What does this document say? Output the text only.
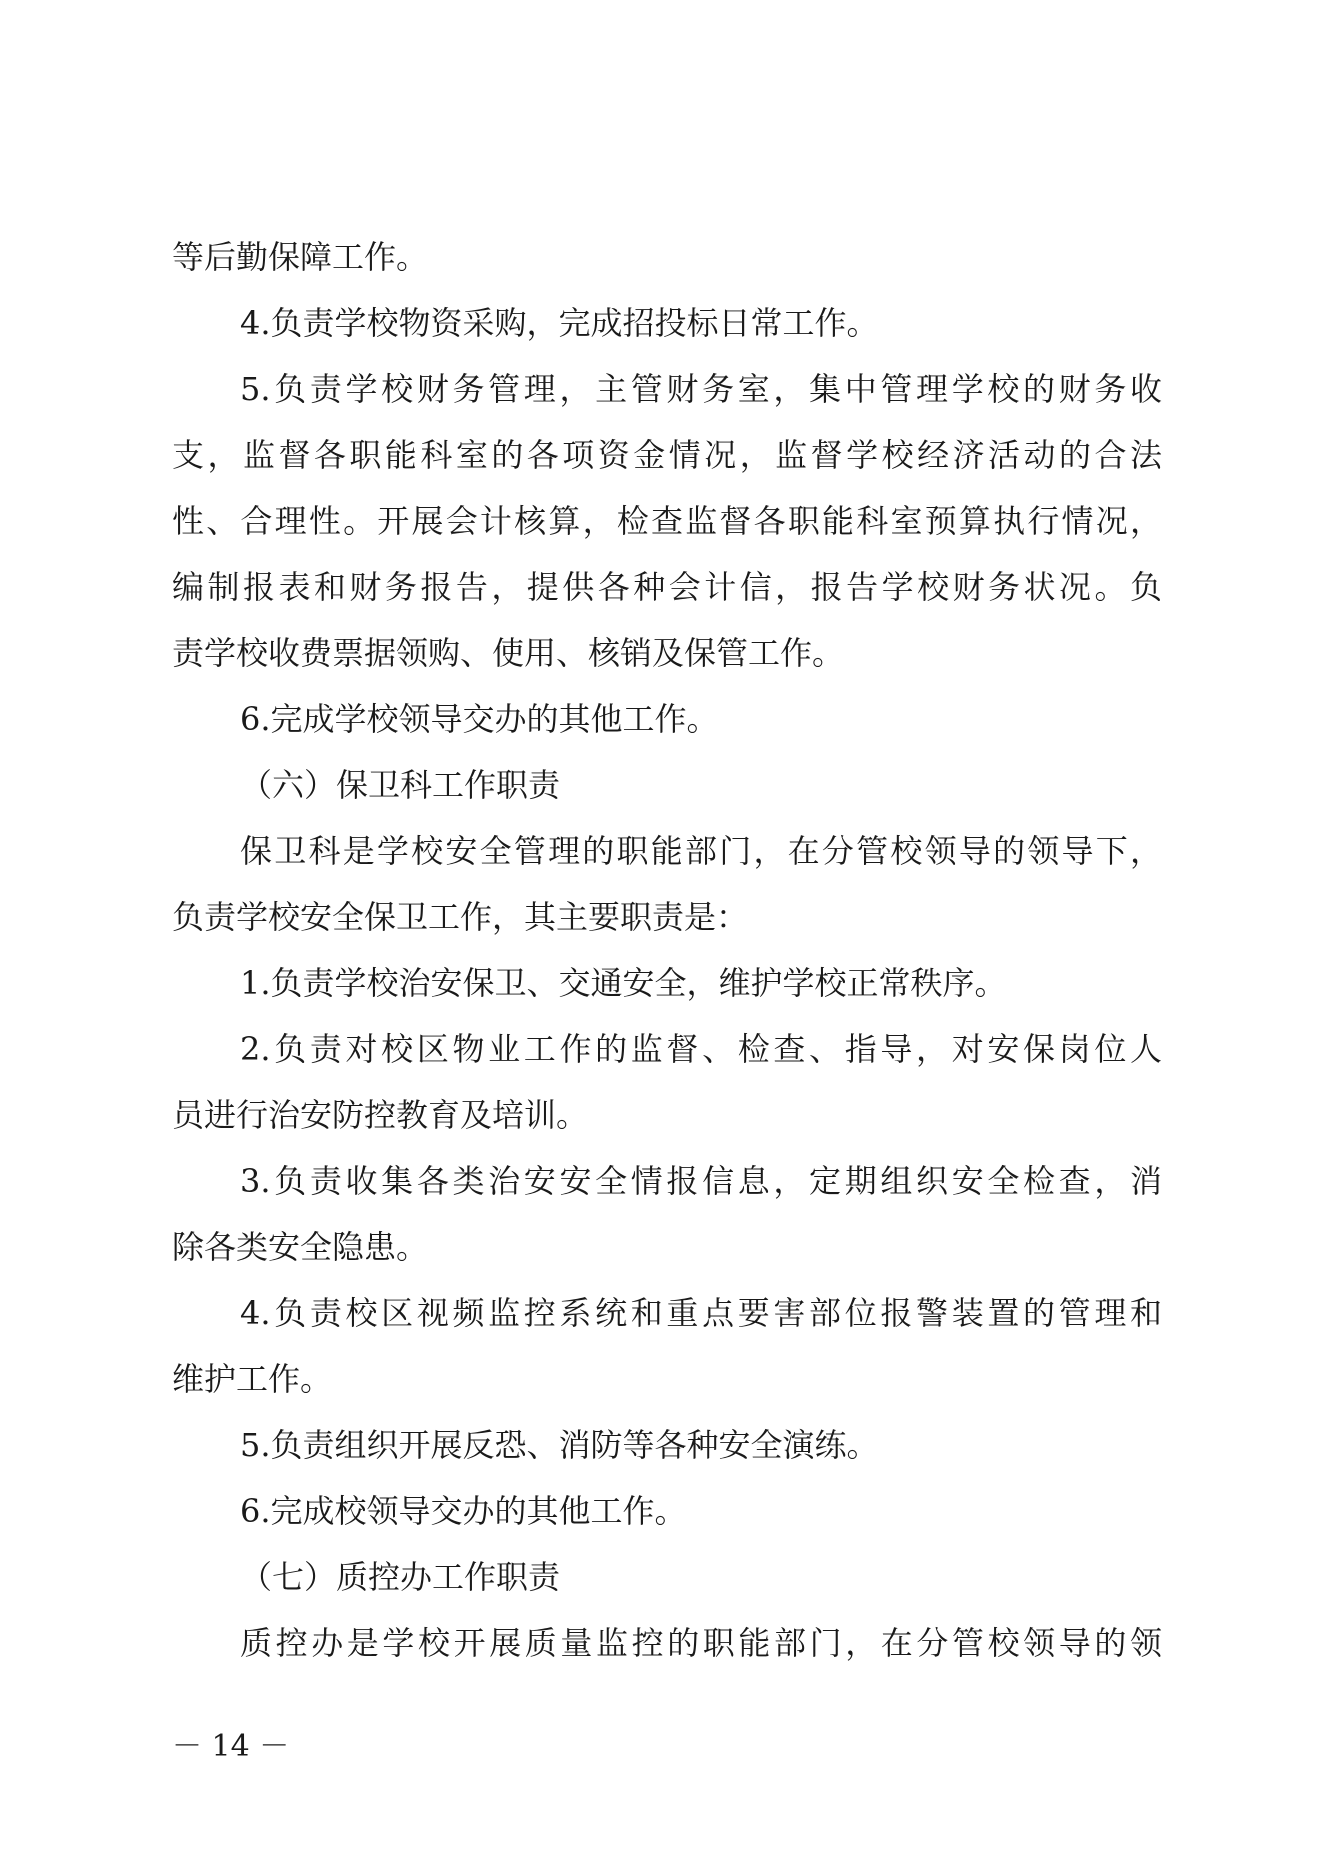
等后勤保障工作。
4.负责学校物资采购，完成招投标日常工作。
5.负责学校财务管理，主管财务室，集中管理学校的财务收
支，监督各职能科室的各项资金情况，监督学校经济活动的合法
性、合理性。开展会计核算，检查监督各职能科室预算执行情况，
编制报表和财务报告，提供各种会计信，报告学校财务状况。负
责学校收费票据领购、使用、核销及保管工作。
6.完成学校领导交办的其他工作。
（六）保卫科工作职责
保卫科是学校安全管理的职能部门，在分管校领导的领导下，
负责学校安全保卫工作，其主要职责是：
1.负责学校治安保卫、交通安全，维护学校正常秩序。
2.负责对校区物业工作的监督、检查、指导，对安保岗位人
员进行治安防控教育及培训。
3.负责收集各类治安安全情报信息，定期组织安全检查，消
除各类安全隐患。
4.负责校区视频监控系统和重点要害部位报警装置的管理和
维护工作。
5.负责组织开展反恐、消防等各种安全演练。
6.完成校领导交办的其他工作。
（七）质控办工作职责
质控办是学校开展质量监控的职能部门，在分管校领导的领
－ 14 －
